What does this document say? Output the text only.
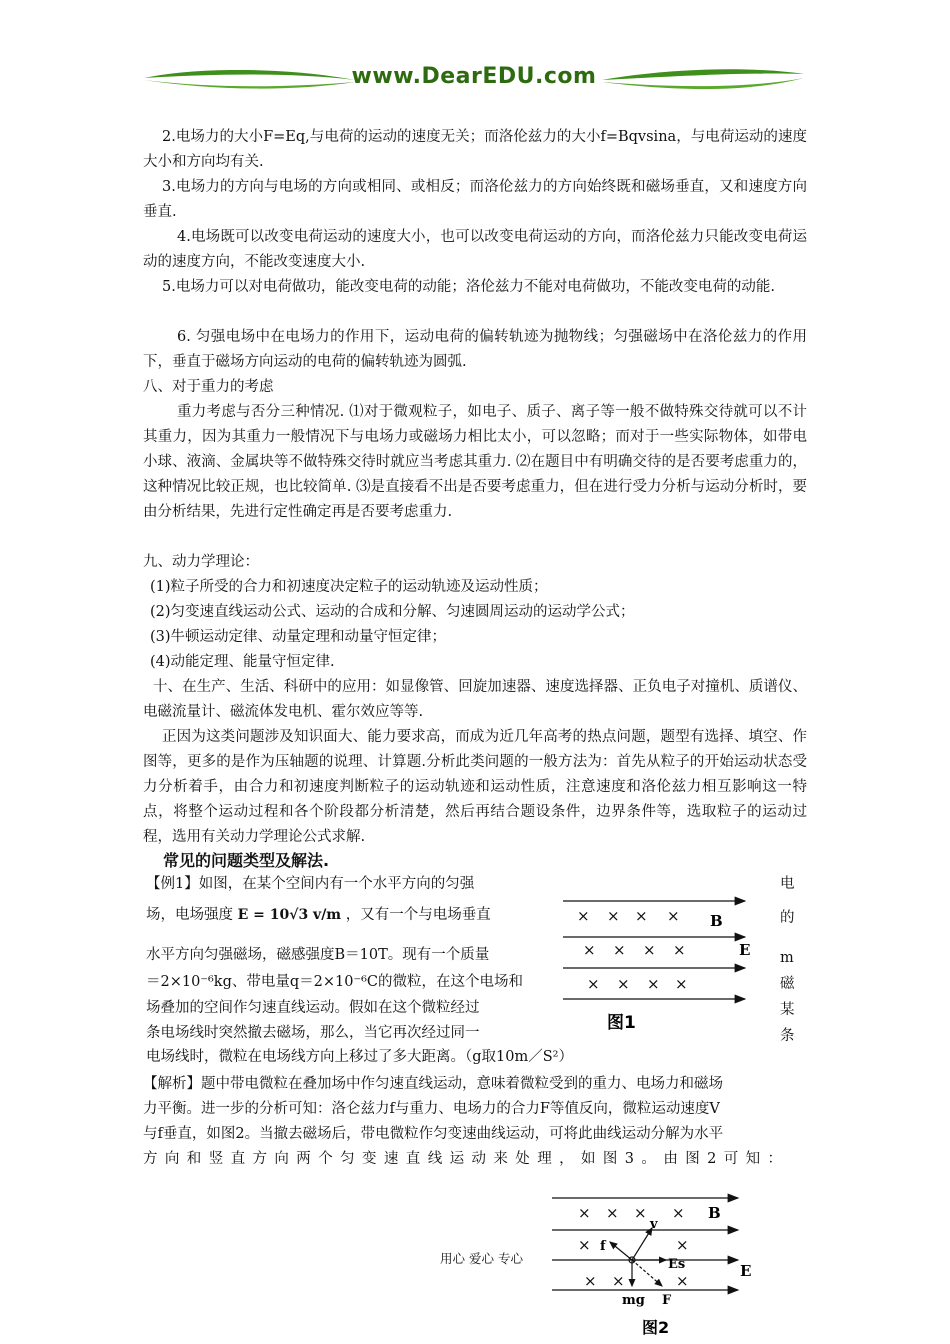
www.DearEDU.com
2.电场力的大小F=Eq,与电荷的运动的速度无关；而洛伦兹力的大小f=Bqvsina，与电荷运动的速度大小和方向均有关.
3.电场力的方向与电场的方向或相同、或相反；而洛伦兹力的方向始终既和磁场垂直，又和速度方向垂直.
4.电场既可以改变电荷运动的速度大小，也可以改变电荷运动的方向，而洛伦兹力只能改变电荷运动的速度方向，不能改变速度大小.
5.电场力可以对电荷做功，能改变电荷的动能；洛伦兹力不能对电荷做功，不能改变电荷的动能.
6. 匀强电场中在电场力的作用下，运动电荷的偏转轨迹为抛物线；匀强磁场中在洛伦兹力的作用下，垂直于磁场方向运动的电荷的偏转轨迹为圆弧.
八、对于重力的考虑
重力考虑与否分三种情况. ⑴对于微观粒子，如电子、质子、离子等一般不做特殊交待就可以不计其重力，因为其重力一般情况下与电场力或磁场力相比太小，可以忽略；而对于一些实际物体，如带电小球、液滴、金属块等不做特殊交待时就应当考虑其重力. ⑵在题目中有明确交待的是否要考虑重力的，这种情况比较正规，也比较简单. ⑶是直接看不出是否要考虑重力，但在进行受力分析与运动分析时，要由分析结果，先进行定性确定再是否要考虑重力.
九、动力学理论：
(1)粒子所受的合力和初速度决定粒子的运动轨迹及运动性质；
(2)匀变速直线运动公式、运动的合成和分解、匀速圆周运动的运动学公式；
(3)牛顿运动定律、动量定理和动量守恒定律；
(4)动能定理、能量守恒定律.
十、在生产、生活、科研中的应用：如显像管、回旋加速器、速度选择器、正负电子对撞机、质谱仪、电磁流量计、磁流体发电机、霍尔效应等等.
正因为这类问题涉及知识面大、能力要求高，而成为近几年高考的热点问题，题型有选择、填空、作图等，更多的是作为压轴题的说理、计算题.分析此类问题的一般方法为：首先从粒子的开始运动状态受力分析着手，由合力和初速度判断粒子的运动轨迹和运动性质，注意速度和洛伦兹力相互影响这一特点，将整个运动过程和各个阶段都分析清楚，然后再结合题设条件，边界条件等，选取粒子的运动过程，选用有关动力学理论公式求解.
常见的问题类型及解法.
【例1】如图，在某个空间内有一个水平方向的匀强
场，电场强度 E = 10√3 v/m ，又有一个与电场垂直
水平方向匀强磁场，磁感强度B＝10T。现有一个质量
＝2×10⁻⁶kg、带电量q＝2×10⁻⁶C的微粒，在这个电场和
场叠加的空间作匀速直线运动。假如在这个微粒经过
条电场线时突然撤去磁场，那么，当它再次经过同一
电场线时，微粒在电场线方向上移过了多大距离。（g取10m／S²）
电
的
m
磁
某
条
× × × ×
× × × ×
× × × ×
B
E
图1
【解析】题中带电微粒在叠加场中作匀速直线运动，意味着微粒受到的重力、电场力和磁场
力平衡。进一步的分析可知：洛仑兹力f与重力、电场力的合力F等值反向，微粒运动速度V
与f垂直，如图2。当撤去磁场后，带电微粒作匀变速曲线运动，可将此曲线运动分解为水平
方向和竖直方向两个匀变速直线运动来处理，如图3。由图2可知：
× × × ×
×	×
× ×	×
B
E
v
f
Es
mg F
图2
用心 爱心 专心
